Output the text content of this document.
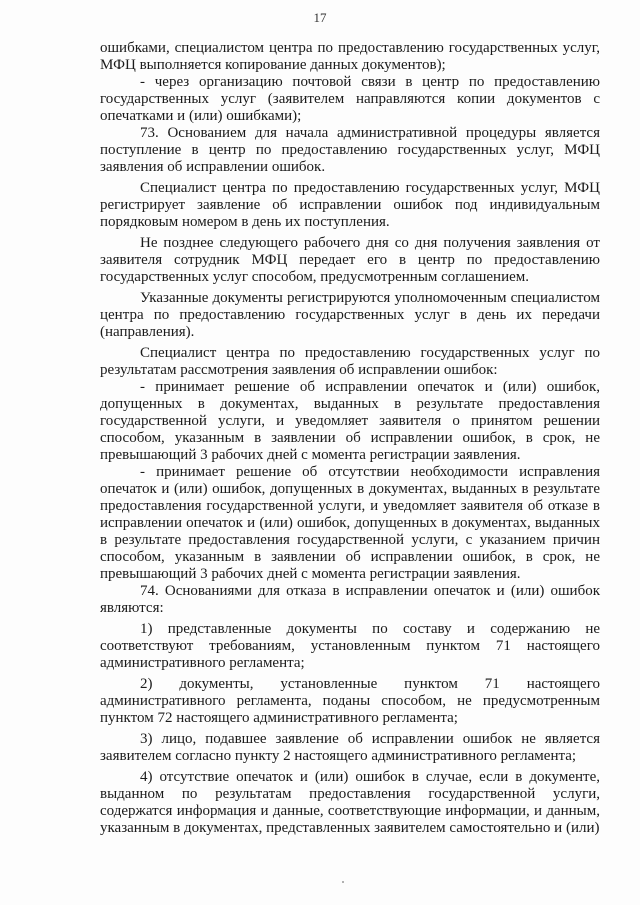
17

ошибками, специалистом центра по предоставлению государственных услуг, МФЦ выполняется копирование данных документов);

- через организацию почтовой связи в центр по предоставлению государственных услуг (заявителем направляются копии документов с опечатками и (или) ошибками);

73. Основанием для начала административной процедуры является поступление в центр по предоставлению государственных услуг, МФЦ заявления об исправлении ошибок.

Специалист центра по предоставлению государственных услуг, МФЦ регистрирует заявление об исправлении ошибок под индивидуальным порядковым номером в день их поступления.

Не позднее следующего рабочего дня со дня получения заявления от заявителя сотрудник МФЦ передает его в центр по предоставлению государственных услуг способом, предусмотренным соглашением.

Указанные документы регистрируются уполномоченным специалистом центра по предоставлению государственных услуг в день их передачи (направления).

Специалист центра по предоставлению государственных услуг по результатам рассмотрения заявления об исправлении ошибок:

- принимает решение об исправлении опечаток и (или) ошибок, допущенных в документах, выданных в результате предоставления государственной услуги, и уведомляет заявителя о принятом решении способом, указанным в заявлении об исправлении ошибок, в срок, не превышающий 3 рабочих дней с момента регистрации заявления.

- принимает решение об отсутствии необходимости исправления опечаток и (или) ошибок, допущенных в документах, выданных в результате предоставления государственной услуги, и уведомляет заявителя об отказе в исправлении опечаток и (или) ошибок, допущенных в документах, выданных в результате предоставления государственной услуги, с указанием причин способом, указанным в заявлении об исправлении ошибок, в срок, не превышающий 3 рабочих дней с момента регистрации заявления.

74. Основаниями для отказа в исправлении опечаток и (или) ошибок являются:

1) представленные документы по составу и содержанию не соответствуют требованиям, установленным пунктом 71 настоящего административного регламента;

2) документы, установленные пунктом 71 настоящего административного регламента, поданы способом, не предусмотренным пунктом 72 настоящего административного регламента;

3) лицо, подавшее заявление об исправлении ошибок не является заявителем согласно пункту 2 настоящего административного регламента;

4) отсутствие опечаток и (или) ошибок в случае, если в документе, выданном по результатам предоставления государственной услуги, содержатся информация и данные, соответствующие информации, и данным, указанным в документах, представленных заявителем самостоятельно и (или)
